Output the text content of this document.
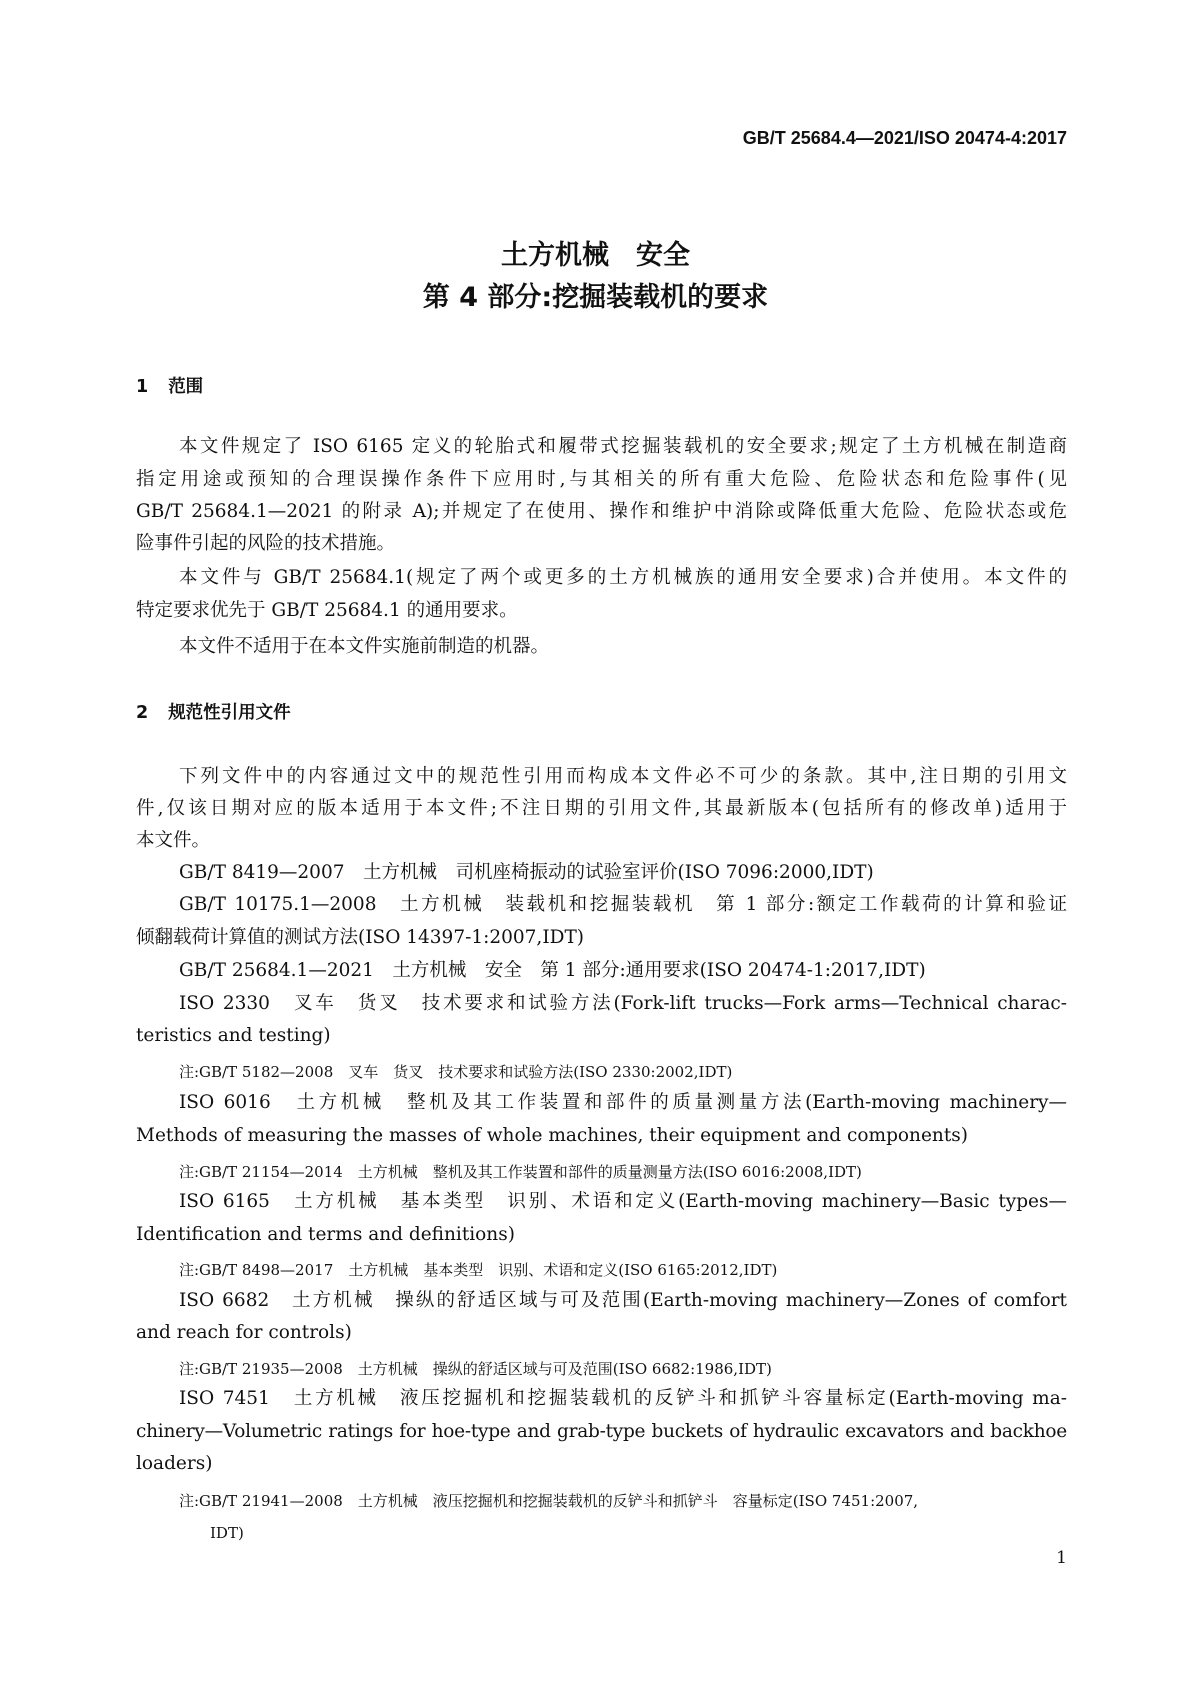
GB/T 25684.4—2021/ISO 20474-4:2017
土方机械　安全
第 4 部分:挖掘装载机的要求
1 范围
本文件规定了 ISO 6165 定义的轮胎式和履带式挖掘装载机的安全要求;规定了土方机械在制造商
指定用途或预知的合理误操作条件下应用时,与其相关的所有重大危险、危险状态和危险事件(见
GB/T 25684.1—2021 的附录 A);并规定了在使用、操作和维护中消除或降低重大危险、危险状态或危
险事件引起的风险的技术措施。
本文件与 GB/T 25684.1(规定了两个或更多的土方机械族的通用安全要求)合并使用。本文件的
特定要求优先于 GB/T 25684.1 的通用要求。
本文件不适用于在本文件实施前制造的机器。
2 规范性引用文件
下列文件中的内容通过文中的规范性引用而构成本文件必不可少的条款。其中,注日期的引用文
件,仅该日期对应的版本适用于本文件;不注日期的引用文件,其最新版本(包括所有的修改单)适用于
本文件。
GB/T 8419—2007　土方机械　司机座椅振动的试验室评价(ISO 7096:2000,IDT)
GB/T 10175.1—2008　土方机械　装载机和挖掘装载机　第 1 部分:额定工作载荷的计算和验证
倾翻载荷计算值的测试方法(ISO 14397-1:2007,IDT)
GB/T 25684.1—2021　土方机械　安全　第 1 部分:通用要求(ISO 20474-1:2017,IDT)
ISO 2330　叉车　货叉　技术要求和试验方法(Fork-lift trucks—Fork arms—Technical charac-
teristics and testing)
注:GB/T 5182—2008　叉车　货叉　技术要求和试验方法(ISO 2330:2002,IDT)
ISO 6016　土方机械　整机及其工作装置和部件的质量测量方法(Earth-moving machinery—
Methods of measuring the masses of whole machines, their equipment and components)
注:GB/T 21154—2014　土方机械　整机及其工作装置和部件的质量测量方法(ISO 6016:2008,IDT)
ISO 6165　土方机械　基本类型　识别、术语和定义(Earth-moving machinery—Basic types—
Identification and terms and definitions)
注:GB/T 8498—2017　土方机械　基本类型　识别、术语和定义(ISO 6165:2012,IDT)
ISO 6682　土方机械　操纵的舒适区域与可及范围(Earth-moving machinery—Zones of comfort
and reach for controls)
注:GB/T 21935—2008　土方机械　操纵的舒适区域与可及范围(ISO 6682:1986,IDT)
ISO 7451　土方机械　液压挖掘机和挖掘装载机的反铲斗和抓铲斗容量标定(Earth-moving ma-
chinery—Volumetric ratings for hoe-type and grab-type buckets of hydraulic excavators and backhoe
loaders)
注:GB/T 21941—2008　土方机械　液压挖掘机和挖掘装载机的反铲斗和抓铲斗　容量标定(ISO 7451:2007,
IDT)
1
